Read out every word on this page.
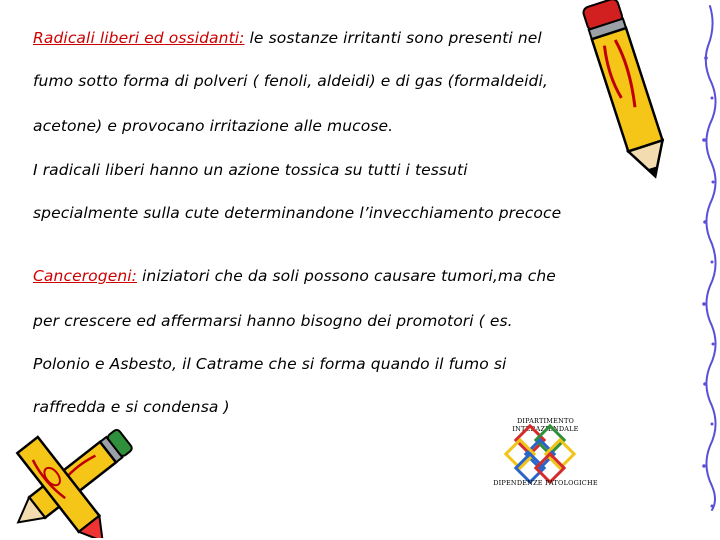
Radicali liberi ed ossidanti: le sostanze irritanti sono presenti nel
fumo sotto forma di polveri ( fenoli, aldeidi) e di gas (formaldeidi,
acetone) e provocano irritazione alle mucose.
I radicali liberi hanno un azione tossica su tutti i tessuti
specialmente sulla cute determinandone l’invecchiamento precoce
Cancerogeni: iniziatori che da soli possono causare tumori,ma che
per crescere ed affermarsi hanno bisogno dei promotori ( es.
Polonio e Asbesto, il Catrame che si forma quando il fumo si
raffredda e si condensa )
DIPARTIMENTO INTERAZIENDALE
DIPENDENZE PATOLOGICHE
